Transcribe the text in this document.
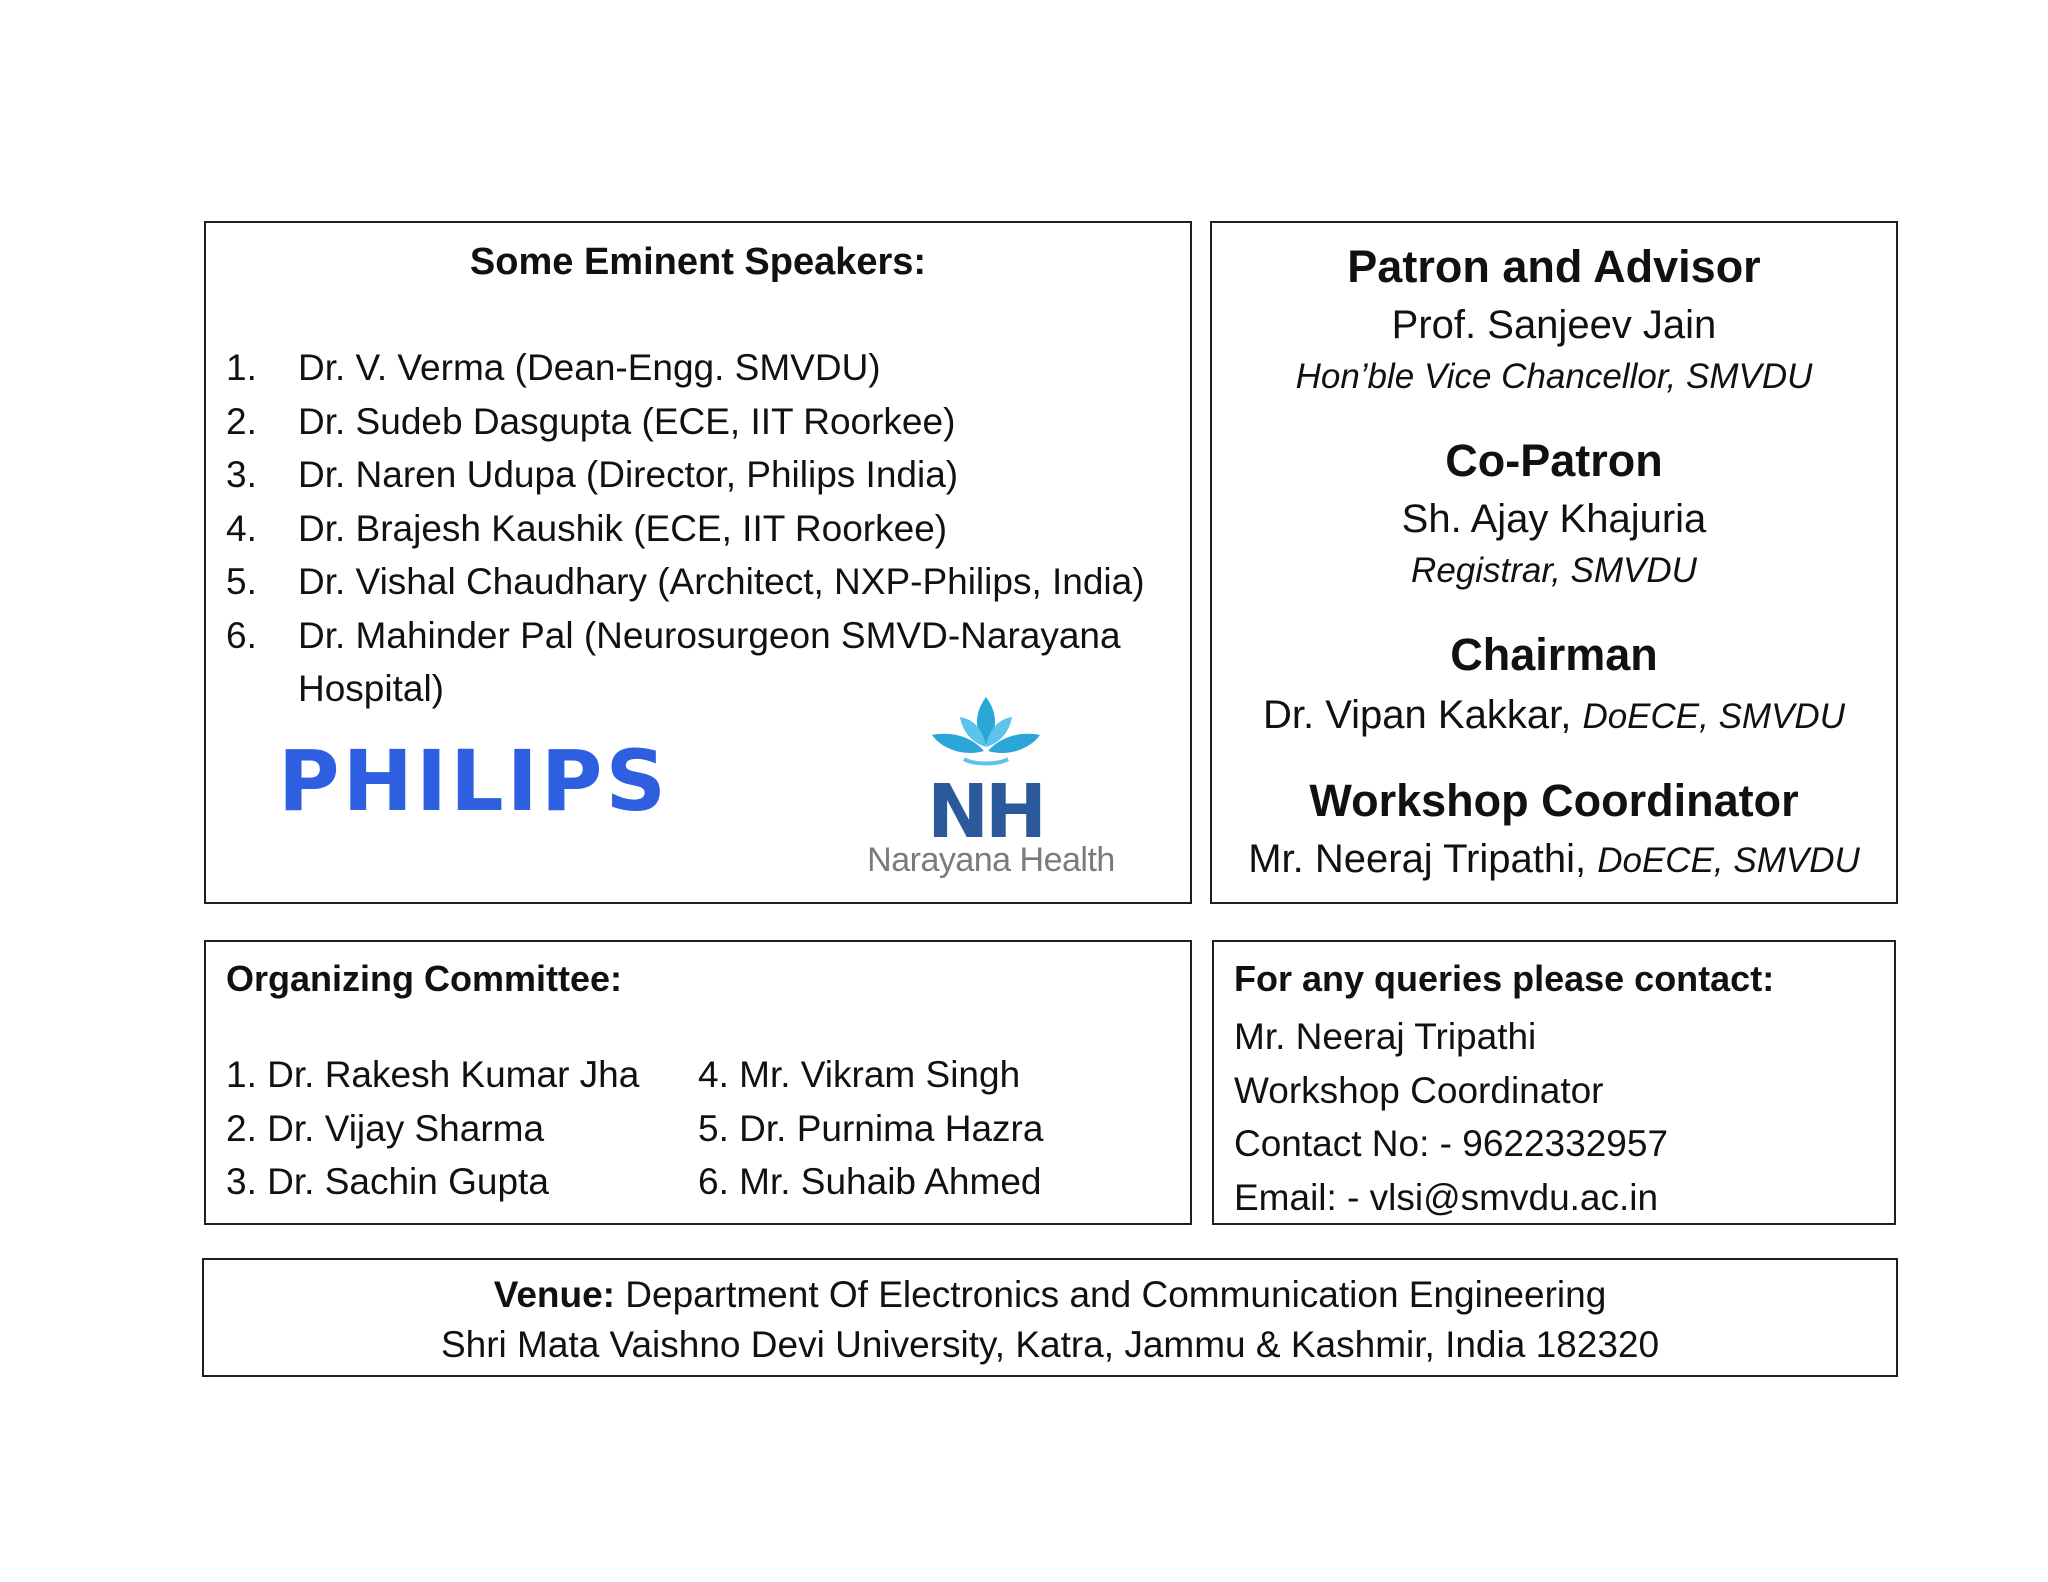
Some Eminent Speakers:
1.	Dr. V. Verma (Dean-Engg. SMVDU)
2.	Dr. Sudeb Dasgupta (ECE, IIT Roorkee)
3.	Dr. Naren Udupa (Director, Philips India)
4.	Dr. Brajesh Kaushik (ECE, IIT Roorkee)
5.	Dr. Vishal Chaudhary (Architect, NXP-Philips, India)
6.	Dr. Mahinder Pal (Neurosurgeon SMVD-Narayana Hospital)
PHILIPS	NH
Narayana Health
Patron and Advisor
Prof. Sanjeev Jain
Hon’ble Vice Chancellor, SMVDU
Co-Patron
Sh. Ajay Khajuria
Registrar, SMVDU
Chairman
Dr. Vipan Kakkar, DoECE, SMVDU
Workshop Coordinator
Mr. Neeraj Tripathi, DoECE, SMVDU
Organizing Committee:
1. Dr. Rakesh Kumar Jha
2. Dr. Vijay Sharma
3. Dr. Sachin Gupta
4. Mr. Vikram Singh
5. Dr. Purnima Hazra
6. Mr. Suhaib Ahmed
For any queries please contact:
Mr. Neeraj Tripathi
Workshop Coordinator
Contact No: - 9622332957
Email: - vlsi@smvdu.ac.in
Venue: Department Of Electronics and Communication Engineering
Shri Mata Vaishno Devi University, Katra, Jammu & Kashmir, India 182320
